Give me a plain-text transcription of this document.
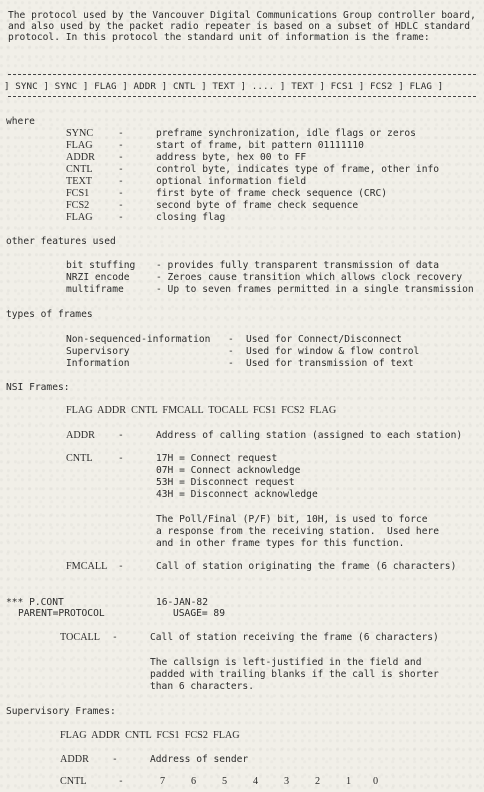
The protocol used by the Vancouver Digital Communications Group controller board, and also used by the packet radio repeater is based on a subset of HDLC standard protocol. In this protocol the standard unit of information is the frame:
] SYNC ] SYNC ] FLAG ] ADDR ] CNTL ] TEXT ] .... ] TEXT ] FCS1 ] FCS2 ] FLAG ]
where
SYNC	-	preframe synchronization, idle flags or zeros
FLAG	-	start of frame, bit pattern 01111110
ADDR -	address byte, hex 00 to FF
CNTL	-	control byte, indicates type of frame, other info
TEXT	-	optional information field
FCS1	-	first byte of frame check sequence (CRC)
FCS2	-	second byte of frame check sequence
FLAG	-	closing flag
other features used
bit stuffing - provides fully transparent transmission of data
NRZI encode	- Zeroes cause transition which allows clock recovery
multiframe	- Up to seven frames permitted in a single transmission
types of frames
Non-sequenced-information - Used for Connect/Disconnect
Supervisory	- Used for window & flow control
Information	- Used for transmission of text
NSI Frames:
FLAG  ADDR  CNTL  FMCALL  TOCALL  FCS1  FCS2  FLAG
ADDR -	Address of calling station (assigned to each station)
CNTL	-	17H = Connect request
07H = Connect acknowledge
53H = Disconnect request
43H = Disconnect acknowledge
The Poll/Final (P/F) bit, 10H, is used to force
a response from the receiving station.  Used here
and in other frame types for this function.
FMCALL -	Call of station originating the frame (6 characters)
*** P.CONT	16-JAN-82
PARENT=PROTOCOL	USAGE= 89
TOCALL -	Call of station receiving the frame (6 characters)
The callsign is left-justified in the field and
padded with trailing blanks if the call is shorter
than 6 characters.
Supervisory Frames:
FLAG  ADDR  CNTL  FCS1  FCS2  FLAG
ADDR -	Address of sender
CNTL	-	7	6	5	4	3	2	1 0
